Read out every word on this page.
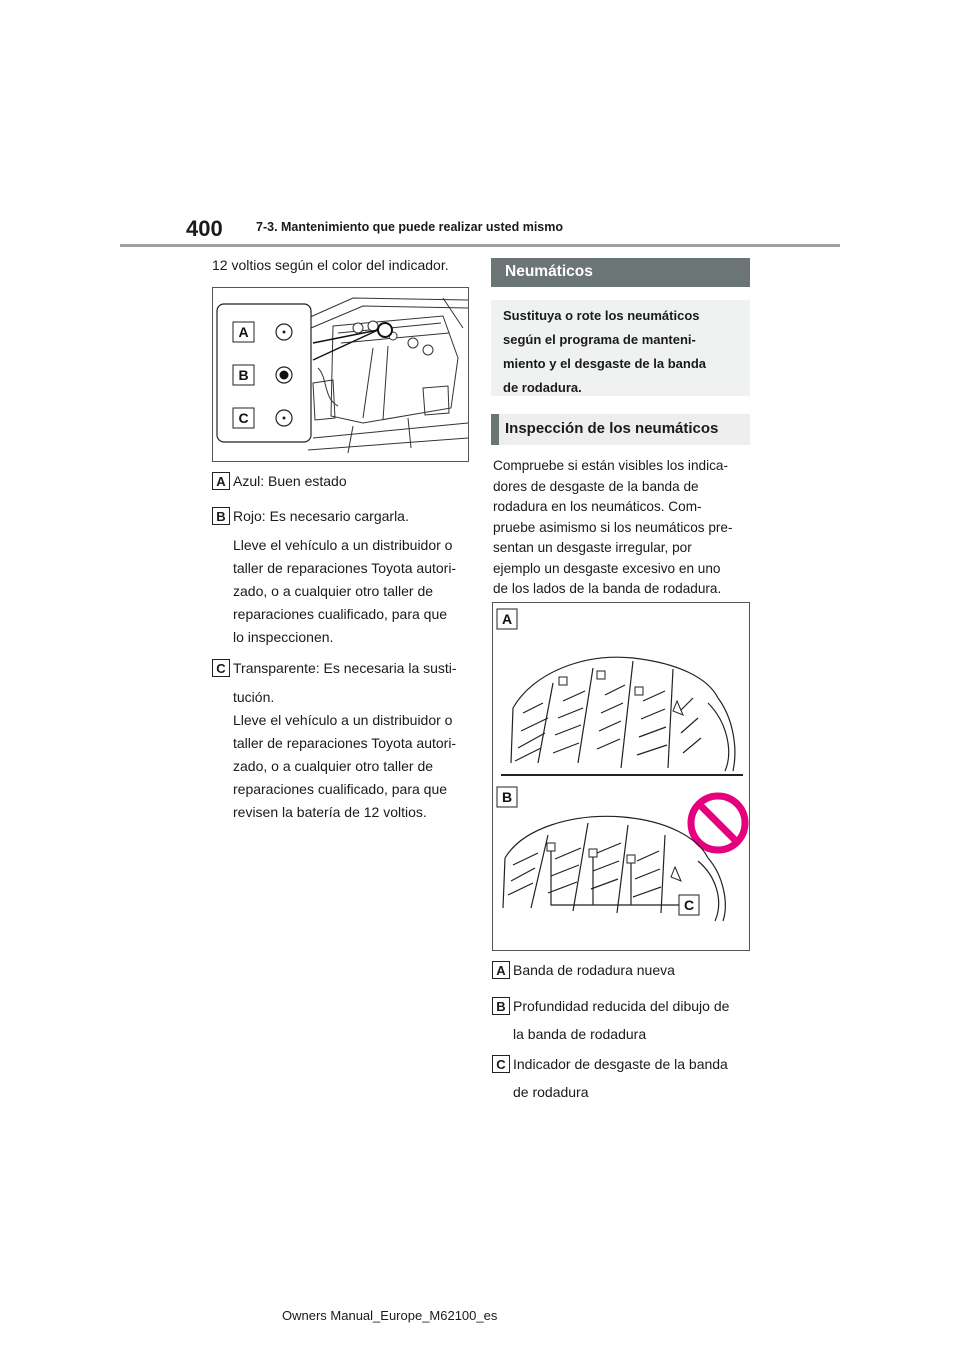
400	7-3. Mantenimiento que puede realizar usted mismo
12 voltios según el color del indicador.
A
B
C
A Azul: Buen estado
B Rojo: Es necesario cargarla.
Lleve el vehículo a un distribuidor o
taller de reparaciones Toyota autori-
zado, o a cualquier otro taller de
reparaciones cualificado, para que
lo inspeccionen.
C Transparente: Es necesaria la susti-
tución.
Lleve el vehículo a un distribuidor o
taller de reparaciones Toyota autori-
zado, o a cualquier otro taller de
reparaciones cualificado, para que
revisen la batería de 12 voltios.
Neumáticos
Sustituya o rote los neumáticos
según el programa de manteni-
miento y el desgaste de la banda
de rodadura.
Inspección de los neumáticos
Compruebe si están visibles los indica-
dores de desgaste de la banda de
rodadura en los neumáticos. Com-
pruebe asimismo si los neumáticos pre-
sentan un desgaste irregular, por
ejemplo un desgaste excesivo en uno
de los lados de la banda de rodadura.
A
B
C
A Banda de rodadura nueva
B Profundidad reducida del dibujo de
la banda de rodadura
C Indicador de desgaste de la banda
de rodadura
Owners Manual_Europe_M62100_es
